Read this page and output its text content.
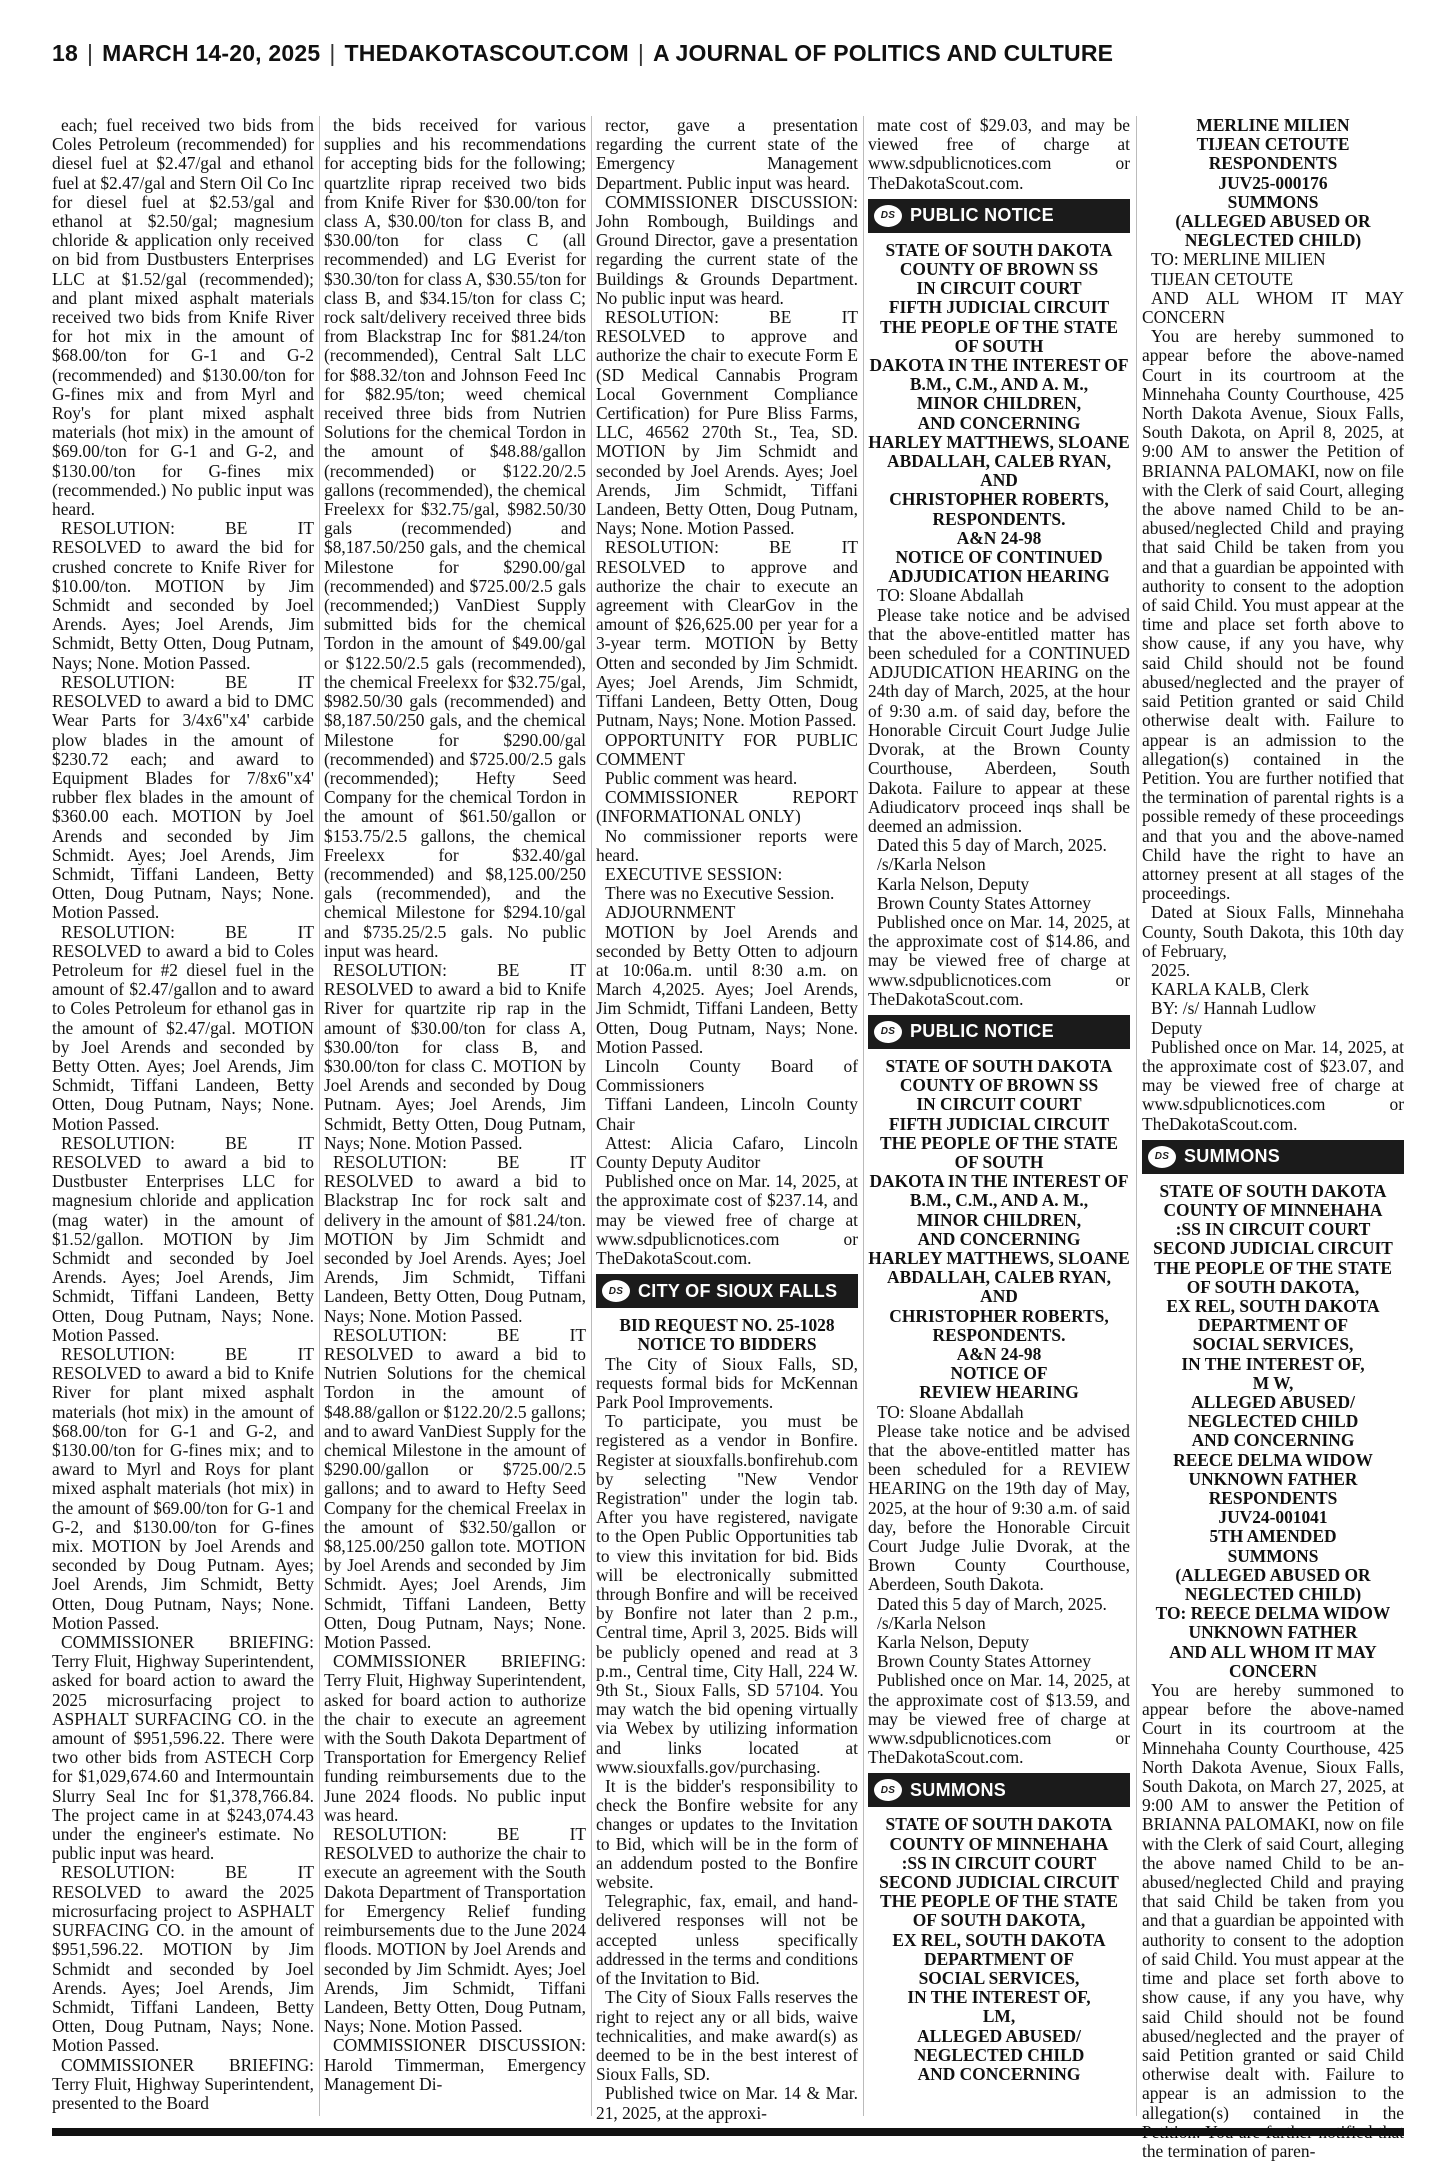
18 | MARCH 14-20, 2025 | THEDAKOTASCOUT.COM | A JOURNAL OF POLITICS AND CULTURE

each; fuel received two bids from Coles Petroleum (recommended) for diesel fuel at $2.47/gal and ethanol fuel at $2.47/gal and Stern Oil Co Inc for diesel fuel at $2.53/gal and ethanol at $2.50/gal; magnesium chloride & application only received on bid from Dustbusters Enterprises LLC at $1.52/gal (recommended); and plant mixed asphalt materials received two bids from Knife River for hot mix in the amount of $68.00/ton for G-1 and G-2 (recommended) and $130.00/ton for G-fines mix and from Myrl and Roy's for plant mixed asphalt materials (hot mix) in the amount of $69.00/ton for G-1 and G-2, and $130.00/ton for G-fines mix (recommended.) No public input was heard.

RESOLUTION: BE IT RESOLVED to award the bid for crushed concrete to Knife River for $10.00/ton. MOTION by Jim Schmidt and seconded by Joel Arends. Ayes; Joel Arends, Jim Schmidt, Betty Otten, Doug Putnam, Nays; None. Motion Passed.

RESOLUTION: BE IT RESOLVED to award a bid to DMC Wear Parts for 3/4x6"x4' carbide plow blades in the amount of $230.72 each; and award to Equipment Blades for 7/8x6"x4' rubber flex blades in the amount of $360.00 each. MOTION by Joel Arends and seconded by Jim Schmidt. Ayes; Joel Arends, Jim Schmidt, Tiffani Landeen, Betty Otten, Doug Putnam, Nays; None. Motion Passed.

RESOLUTION: BE IT RESOLVED to award a bid to Coles Petroleum for #2 diesel fuel in the amount of $2.47/gallon and to award to Coles Petroleum for ethanol gas in the amount of $2.47/gal. MOTION by Joel Arends and seconded by Betty Otten. Ayes; Joel Arends, Jim Schmidt, Tiffani Landeen, Betty Otten, Doug Putnam, Nays; None. Motion Passed.

RESOLUTION: BE IT RESOLVED to award a bid to Dustbuster Enterprises LLC for magnesium chloride and application (mag water) in the amount of $1.52/gallon. MOTION by Jim Schmidt and seconded by Joel Arends. Ayes; Joel Arends, Jim Schmidt, Tiffani Landeen, Betty Otten, Doug Putnam, Nays; None. Motion Passed.

RESOLUTION: BE IT RESOLVED to award a bid to Knife River for plant mixed asphalt materials (hot mix) in the amount of $68.00/ton for G-1 and G-2, and $130.00/ton for G-fines mix; and to award to Myrl and Roys for plant mixed asphalt materials (hot mix) in the amount of $69.00/ton for G-1 and G-2, and $130.00/ton for G-fines mix. MOTION by Joel Arends and seconded by Doug Putnam. Ayes; Joel Arends, Jim Schmidt, Betty Otten, Doug Putnam, Nays; None. Motion Passed.

COMMISSIONER BRIEFING: Terry Fluit, Highway Superintendent, asked for board action to award the 2025 microsurfacing project to ASPHALT SURFACING CO. in the amount of $951,596.22. There were two other bids from ASTECH Corp for $1,029,674.60 and Intermountain Slurry Seal Inc for $1,378,766.84. The project came in at $243,074.43 under the engineer's estimate. No public input was heard.

RESOLUTION: BE IT RESOLVED to award the 2025 microsurfacing project to ASPHALT SURFACING CO. in the amount of $951,596.22. MOTION by Jim Schmidt and seconded by Joel Arends. Ayes; Joel Arends, Jim Schmidt, Tiffani Landeen, Betty Otten, Doug Putnam, Nays; None. Motion Passed.

COMMISSIONER BRIEFING: Terry Fluit, Highway Superintendent, presented to the Board

the bids received for various supplies and his recommendations for accepting bids for the following; quartzlite riprap received two bids from Knife River for $30.00/ton for class A, $30.00/ton for class B, and $30.00/ton for class C (all recommended) and LG Everist for $30.30/ton for class A, $30.55/ton for class B, and $34.15/ton for class C; rock salt/delivery received three bids from Blackstrap Inc for $81.24/ton (recommended), Central Salt LLC for $88.32/ton and Johnson Feed Inc for $82.95/ton; weed chemical received three bids from Nutrien Solutions for the chemical Tordon in the amount of $48.88/gallon (recommended) or $122.20/2.5 gallons (recommended), the chemical Freelexx for $32.75/gal, $982.50/30 gals (recommended) and $8,187.50/250 gals, and the chemical Milestone for $290.00/gal (recommended) and $725.00/2.5 gals (recommended;) VanDiest Supply submitted bids for the chemical Tordon in the amount of $49.00/gal or $122.50/2.5 gals (recommended), the chemical Freelexx for $32.75/gal, $982.50/30 gals (recommended) and $8,187.50/250 gals, and the chemical Milestone for $290.00/gal (recommended) and $725.00/2.5 gals (recommended); Hefty Seed Company for the chemical Tordon in the amount of $61.50/gallon or $153.75/2.5 gallons, the chemical Freelexx for $32.40/gal (recommended) and $8,125.00/250 gals (recommended), and the chemical Milestone for $294.10/gal and $735.25/2.5 gals. No public input was heard.

RESOLUTION: BE IT RESOLVED to award a bid to Knife River for quartzite rip rap in the amount of $30.00/ton for class A, $30.00/ton for class B, and $30.00/ton for class C. MOTION by Joel Arends and seconded by Doug Putnam. Ayes; Joel Arends, Jim Schmidt, Betty Otten, Doug Putnam, Nays; None. Motion Passed.

RESOLUTION: BE IT RESOLVED to award a bid to Blackstrap Inc for rock salt and delivery in the amount of $81.24/ton. MOTION by Jim Schmidt and seconded by Joel Arends. Ayes; Joel Arends, Jim Schmidt, Tiffani Landeen, Betty Otten, Doug Putnam, Nays; None. Motion Passed.

RESOLUTION: BE IT RESOLVED to award a bid to Nutrien Solutions for the chemical Tordon in the amount of $48.88/gallon or $122.20/2.5 gallons; and to award VanDiest Supply for the chemical Milestone in the amount of $290.00/gallon or $725.00/2.5 gallons; and to award to Hefty Seed Company for the chemical Freelax in the amount of $32.50/gallon or $8,125.00/250 gallon tote. MOTION by Joel Arends and seconded by Jim Schmidt. Ayes; Joel Arends, Jim Schmidt, Tiffani Landeen, Betty Otten, Doug Putnam, Nays; None. Motion Passed.

COMMISSIONER BRIEFING: Terry Fluit, Highway Superintendent, asked for board action to authorize the chair to execute an agreement with the South Dakota Department of Transportation for Emergency Relief funding reimbursements due to the June 2024 floods. No public input was heard.

RESOLUTION: BE IT RESOLVED to authorize the chair to execute an agreement with the South Dakota Department of Transportation for Emergency Relief funding reimbursements due to the June 2024 floods. MOTION by Joel Arends and seconded by Jim Schmidt. Ayes; Joel Arends, Jim Schmidt, Tiffani Landeen, Betty Otten, Doug Putnam, Nays; None. Motion Passed.

COMMISSIONER DISCUSSION: Harold Timmerman, Emergency Management Di-

rector, gave a presentation regarding the current state of the Emergency Management Department. Public input was heard.

COMMISSIONER DISCUSSION: John Rombough, Buildings and Ground Director, gave a presentation regarding the current state of the Buildings & Grounds Department. No public input was heard.

RESOLUTION: BE IT RESOLVED to approve and authorize the chair to execute Form E (SD Medical Cannabis Program Local Government Compliance Certification) for Pure Bliss Farms, LLC, 46562 270th St., Tea, SD. MOTION by Jim Schmidt and seconded by Joel Arends. Ayes; Joel Arends, Jim Schmidt, Tiffani Landeen, Betty Otten, Doug Putnam, Nays; None. Motion Passed.

RESOLUTION: BE IT RESOLVED to approve and authorize the chair to execute an agreement with ClearGov in the amount of $26,625.00 per year for a 3-year term. MOTION by Betty Otten and seconded by Jim Schmidt. Ayes; Joel Arends, Jim Schmidt, Tiffani Landeen, Betty Otten, Doug Putnam, Nays; None. Motion Passed.

OPPORTUNITY FOR PUBLIC COMMENT

Public comment was heard.

COMMISSIONER REPORT (INFORMATIONAL ONLY)

No commissioner reports were heard.

EXECUTIVE SESSION:

There was no Executive Session.

ADJOURNMENT

MOTION by Joel Arends and seconded by Betty Otten to adjourn at 10:06a.m. until 8:30 a.m. on March 4,2025. Ayes; Joel Arends, Jim Schmidt, Tiffani Landeen, Betty Otten, Doug Putnam, Nays; None. Motion Passed.

Lincoln County Board of Commissioners

Tiffani Landeen, Lincoln County Chair

Attest: Alicia Cafaro, Lincoln County Deputy Auditor

Published once on Mar. 14, 2025, at the approximate cost of $237.14, and may be viewed free of charge at www.sdpublicnotices.com or TheDakotaScout.com.

DS CITY OF SIOUX FALLS

BID REQUEST NO. 25-1028

NOTICE TO BIDDERS

The City of Sioux Falls, SD, requests formal bids for McKennan Park Pool Improvements.

To participate, you must be registered as a vendor in Bonfire. Register at siouxfalls.bonfirehub.com by selecting "New Vendor Registration" under the login tab. After you have registered, navigate to the Open Public Opportunities tab to view this invitation for bid. Bids will be electronically submitted through Bonfire and will be received by Bonfire not later than 2 p.m., Central time, April 3, 2025. Bids will be publicly opened and read at 3 p.m., Central time, City Hall, 224 W. 9th St., Sioux Falls, SD 57104. You may watch the bid opening virtually via Webex by utilizing information and links located at www.siouxfalls.gov/purchasing.

It is the bidder's responsibility to check the Bonfire website for any changes or updates to the Invitation to Bid, which will be in the form of an addendum posted to the Bonfire website.

Telegraphic, fax, email, and hand-delivered responses will not be accepted unless specifically addressed in the terms and conditions of the Invitation to Bid.

The City of Sioux Falls reserves the right to reject any or all bids, waive technicalities, and make award(s) as deemed to be in the best interest of Sioux Falls, SD.

Published twice on Mar. 14 & Mar. 21, 2025, at the approxi-

mate cost of $29.03, and may be viewed free of charge at www.sdpublicnotices.com or TheDakotaScout.com.

DS PUBLIC NOTICE

STATE OF SOUTH DAKOTA

COUNTY OF BROWN SS

IN CIRCUIT COURT

FIFTH JUDICIAL CIRCUIT

THE PEOPLE OF THE STATE OF SOUTH

DAKOTA IN THE INTEREST OF

B.M., C.M., AND A. M.,

MINOR CHILDREN,

AND CONCERNING

HARLEY MATTHEWS, SLOANE

ABDALLAH, CALEB RYAN, AND

CHRISTOPHER ROBERTS,

RESPONDENTS.

A&N 24-98

NOTICE OF CONTINUED

ADJUDICATION HEARING

TO: Sloane Abdallah

Please take notice and be advised that the above-entitled matter has been scheduled for a CONTINUED ADJUDICATION HEARING on the 24th day of March, 2025, at the hour of 9:30 a.m. of said day, before the Honorable Circuit Court Judge Julie Dvorak, at the Brown County Courthouse, Aberdeen, South Dakota. Failure to appear at these Adiudicatorv proceed inqs shall be deemed an admission.

Dated this 5 day of March, 2025.

/s/Karla Nelson

Karla Nelson, Deputy

Brown County States Attorney

Published once on Mar. 14, 2025, at the approximate cost of $14.86, and may be viewed free of charge at www.sdpublicnotices.com or TheDakotaScout.com.

DS PUBLIC NOTICE

STATE OF SOUTH DAKOTA

COUNTY OF BROWN SS

IN CIRCUIT COURT

FIFTH JUDICIAL CIRCUIT

THE PEOPLE OF THE STATE OF SOUTH

DAKOTA IN THE INTEREST OF

B.M., C.M., AND A. M.,

MINOR CHILDREN,

AND CONCERNING

HARLEY MATTHEWS, SLOANE

ABDALLAH, CALEB RYAN, AND

CHRISTOPHER ROBERTS,

RESPONDENTS.

A&N 24-98

NOTICE OF

REVIEW HEARING

TO: Sloane Abdallah

Please take notice and be advised that the above-entitled matter has been scheduled for a REVIEW HEARING on the 19th day of May, 2025, at the hour of 9:30 a.m. of said day, before the Honorable Circuit Court Judge Julie Dvorak, at the Brown County Courthouse, Aberdeen, South Dakota.

Dated this 5 day of March, 2025.

/s/Karla Nelson

Karla Nelson, Deputy

Brown County States Attorney

Published once on Mar. 14, 2025, at the approximate cost of $13.59, and may be viewed free of charge at www.sdpublicnotices.com or TheDakotaScout.com.

DS SUMMONS

STATE OF SOUTH DAKOTA

COUNTY OF MINNEHAHA

:SS IN CIRCUIT COURT

SECOND JUDICIAL CIRCUIT

THE PEOPLE OF THE STATE OF SOUTH DAKOTA,

EX REL, SOUTH DAKOTA DEPARTMENT OF

SOCIAL SERVICES,

IN THE INTEREST OF,

LM,

ALLEGED ABUSED/

NEGLECTED CHILD

AND CONCERNING

MERLINE MILIEN

TIJEAN CETOUTE

RESPONDENTS

JUV25-000176

SUMMONS

(ALLEGED ABUSED OR NEGLECTED CHILD)

TO: MERLINE MILIEN

TIJEAN CETOUTE

AND ALL WHOM IT MAY CONCERN

You are hereby summoned to appear before the above-named Court in its courtroom at the Minnehaha County Courthouse, 425 North Dakota Avenue, Sioux Falls, South Dakota, on April 8, 2025, at 9:00 AM to answer the Petition of BRIANNA PALOMAKI, now on file with the Clerk of said Court, alleging the above named Child to be an-abused/neglected Child and praying that said Child be taken from you and that a guardian be appointed with authority to consent to the adoption of said Child. You must appear at the time and place set forth above to show cause, if any you have, why said Child should not be found abused/neglected and the prayer of said Petition granted or said Child otherwise dealt with. Failure to appear is an admission to the allegation(s) contained in the Petition. You are further notified that the termination of parental rights is a possible remedy of these proceedings and that you and the above-named Child have the right to have an attorney present at all stages of the proceedings.

Dated at Sioux Falls, Minnehaha County, South Dakota, this 10th day of February,

2025.

KARLA KALB, Clerk

BY: /s/ Hannah Ludlow

Deputy

Published once on Mar. 14, 2025, at the approximate cost of $23.07, and may be viewed free of charge at www.sdpublicnotices.com or TheDakotaScout.com.

DS SUMMONS

STATE OF SOUTH DAKOTA

COUNTY OF MINNEHAHA

:SS IN CIRCUIT COURT

SECOND JUDICIAL CIRCUIT

THE PEOPLE OF THE STATE OF SOUTH DAKOTA,

EX REL, SOUTH DAKOTA DEPARTMENT OF

SOCIAL SERVICES,

IN THE INTEREST OF,

M W,

ALLEGED ABUSED/

NEGLECTED CHILD

AND CONCERNING

REECE DELMA WIDOW

UNKNOWN FATHER

RESPONDENTS

JUV24-001041

5TH AMENDED

SUMMONS

(ALLEGED ABUSED OR NEGLECTED CHILD)

TO: REECE DELMA WIDOW

UNKNOWN FATHER

AND ALL WHOM IT MAY CONCERN

You are hereby summoned to appear before the above-named Court in its courtroom at the Minnehaha County Courthouse, 425 North Dakota Avenue, Sioux Falls, South Dakota, on March 27, 2025, at 9:00 AM to answer the Petition of BRIANNA PALOMAKI, now on file with the Clerk of said Court, alleging the above named Child to be an-abused/neglected Child and praying that said Child be taken from you and that a guardian be appointed with authority to consent to the adoption of said Child. You must appear at the time and place set forth above to show cause, if any you have, why said Child should not be found abused/neglected and the prayer of said Petition granted or said Child otherwise dealt with. Failure to appear is an admission to the allegation(s) contained in the the termination of paren-
